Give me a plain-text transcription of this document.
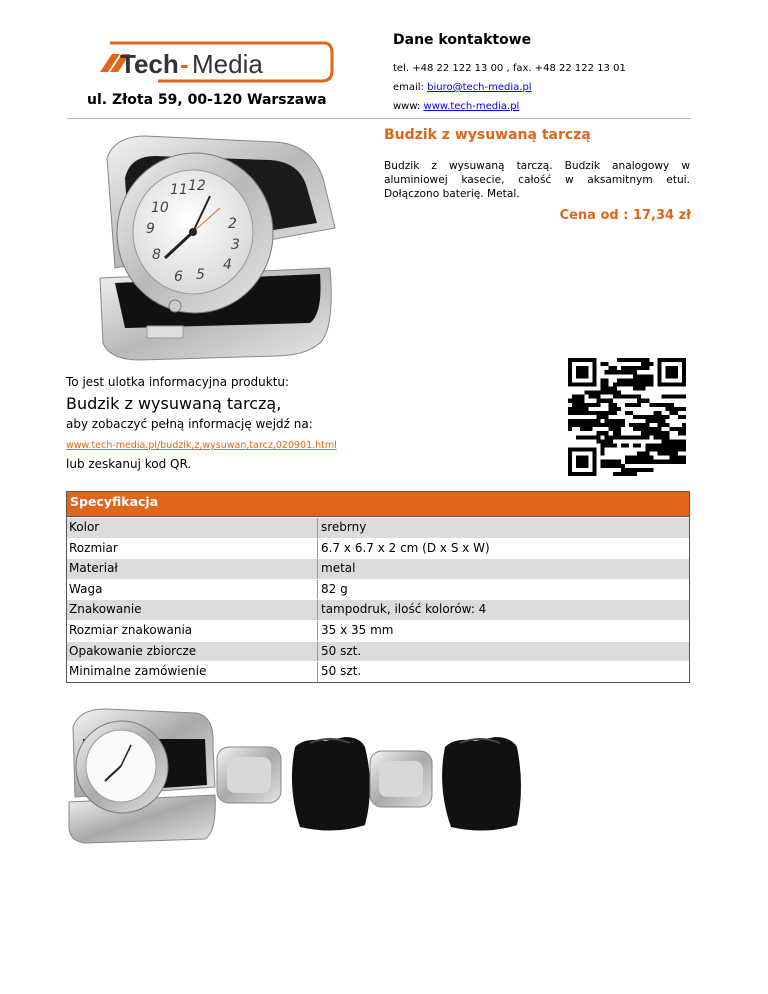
Tech - Media
ul. Złota 59, 00-120 Warszawa
Dane kontaktowe
tel. +48 22 122 13 00 , fax. +48 22 122 13 01
email: biuro@tech-media.pl
www: www.tech-media.pl
12
2
3
4
5
6
8
9
10
11
Budzik z wysuwaną tarczą
Budzik z wysuwaną tarczą. Budzik analogowy w aluminiowej kasecie, całość w aksamitnym etui. Dołączono baterię. Metal.
Cena od : 17,34 zł
To jest ulotka informacyjna produktu:
Budzik z wysuwaną tarczą,
aby zobaczyć pełną informację wejdź na:
www.tech-media.pl/budzik,z,wysuwan,tarcz,020901.html
lub zeskanuj kod QR.
Specyfikacja
Kolor	srebrny
Rozmiar	6.7 x 6.7 x 2 cm (D x S x W)
Materiał	metal
Waga	82 g
Znakowanie	tampodruk, ilość kolorów: 4
Rozmiar znakowania	35 x 35 mm
Opakowanie zbiorcze	50 szt.
Minimalne zamówienie	50 szt.
